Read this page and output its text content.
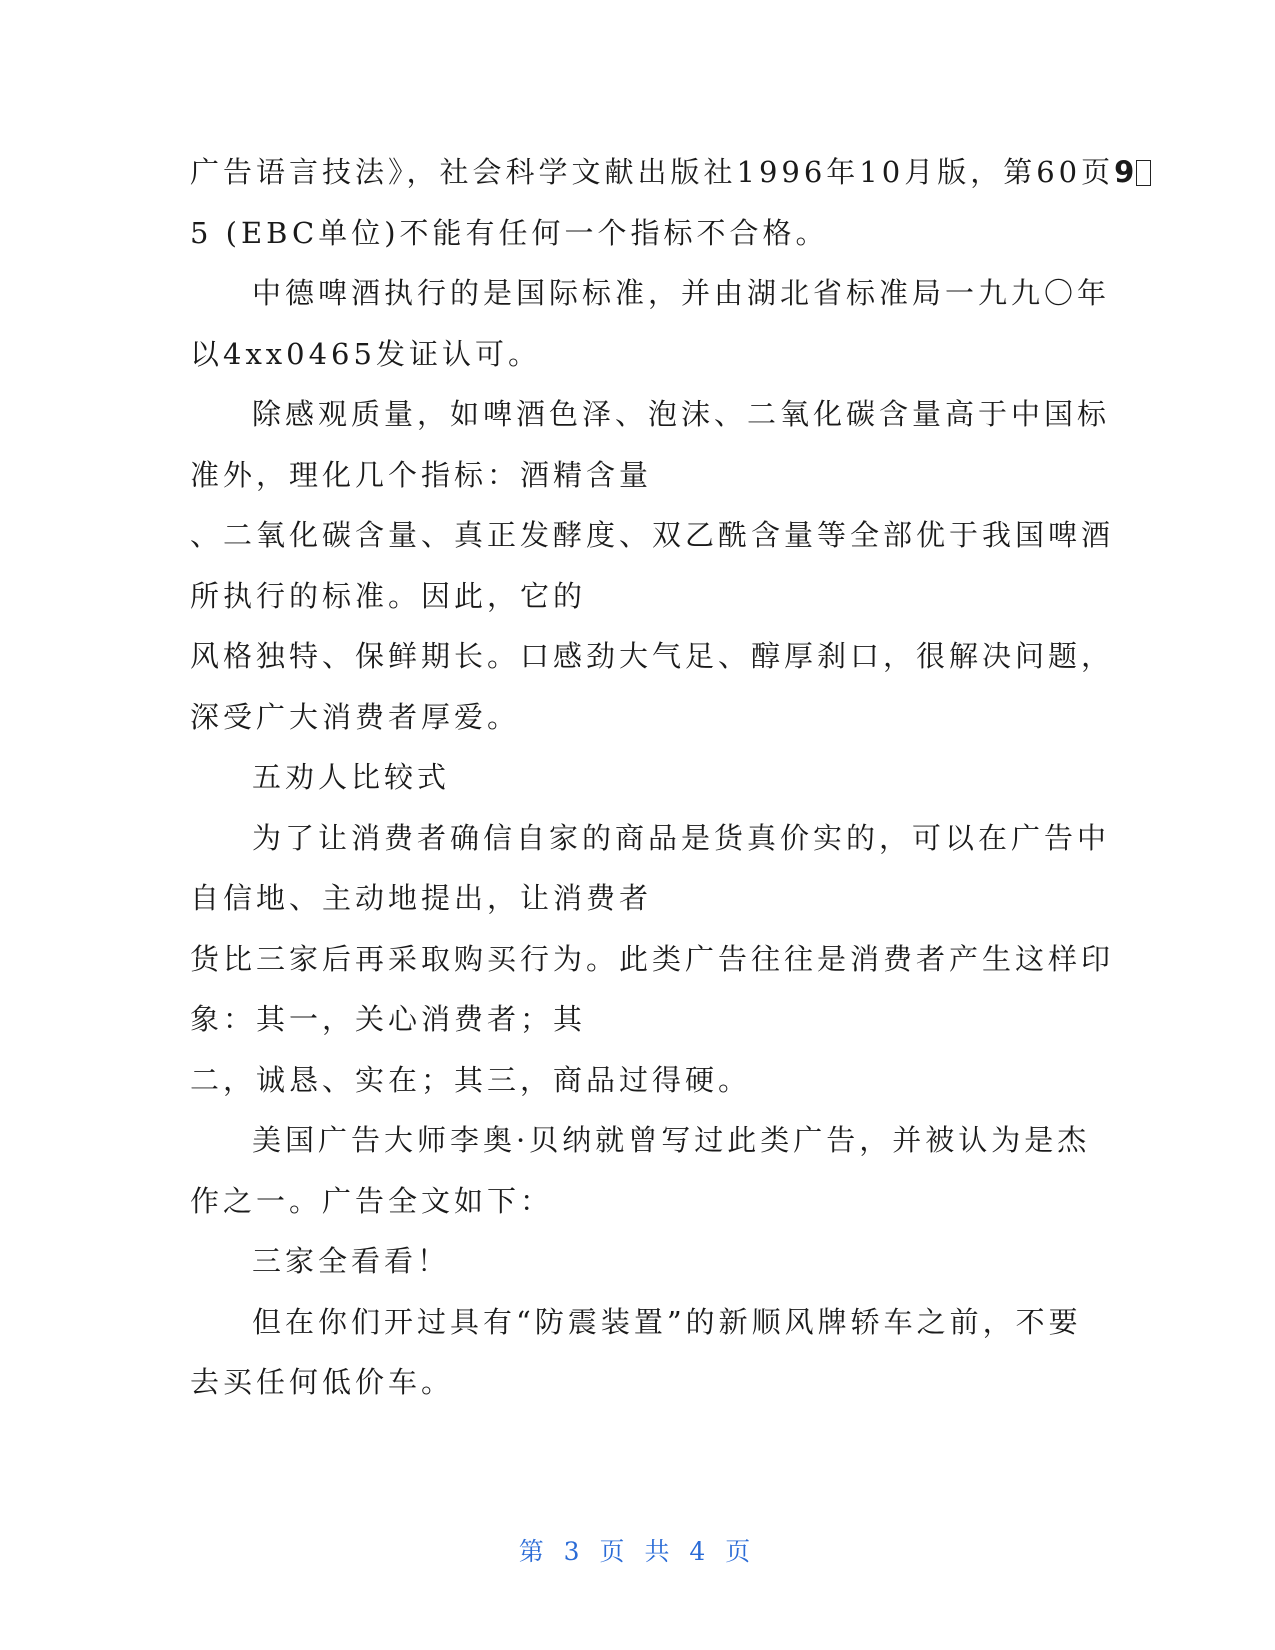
广告语言技法》，社会科学文献出版社1996年10月版，第60页9
5 (EBC单位)不能有任何一个指标不合格。
中德啤酒执行的是国际标准，并由湖北省标准局一九九〇年
以4xx0465发证认可。
除感观质量，如啤酒色泽、泡沫、二氧化碳含量高于中国标
准外，理化几个指标：酒精含量
、二氧化碳含量、真正发酵度、双乙酰含量等全部优于我国啤酒
所执行的标准。因此，它的
风格独特、保鲜期长。口感劲大气足、醇厚刹口，很解决问题，
深受广大消费者厚爱。
五劝人比较式
为了让消费者确信自家的商品是货真价实的，可以在广告中
自信地、主动地提出，让消费者
货比三家后再采取购买行为。此类广告往往是消费者产生这样印
象：其一，关心消费者；其
二，诚恳、实在；其三，商品过得硬。
美国广告大师李奥·贝纳就曾写过此类广告，并被认为是杰
作之一。广告全文如下：
三家全看看！
但在你们开过具有“防震装置”的新顺风牌轿车之前，不要
去买任何低价车。
第 3 页 共 4 页
